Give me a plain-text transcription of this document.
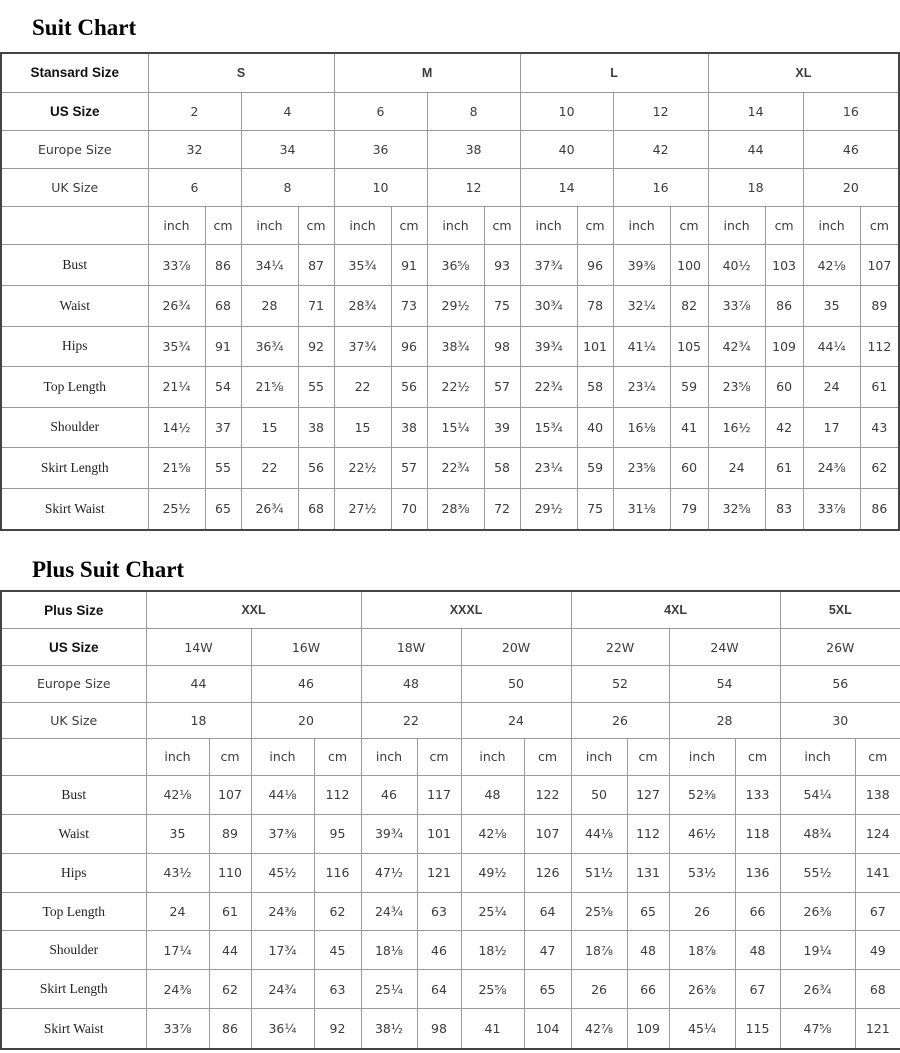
Suit Chart
Stansard Size	S				M				L				XL			
US Size	2		4		6		8		10		12		14		16	
Europe Size	32		34		36		38		40		42		44		46	
UK Size	6		8		10		12		14		16		18		20	
	inch	cm	inch	cm	inch	cm	inch	cm	inch	cm	inch	cm	inch	cm	inch	cm
Bust	33⅞	86	34¼	87	35¾	91	36⅝	93	37¾	96	39⅜	100	40½	103	42⅛	107
Waist	26¾	68	28	71	28¾	73	29½	75	30¾	78	32¼	82	33⅞	86	35	89
Hips	35¾	91	36¾	92	37¾	96	38¾	98	39¾	101	41¼	105	42¾	109	44¼	112
Top Length	21¼	54	21⅝	55	22	56	22½	57	22¾	58	23¼	59	23⅝	60	24	61
Shoulder	14½	37	15	38	15	38	15¼	39	15¾	40	16⅛	41	16½	42	17	43
Skirt Length	21⅝	55	22	56	22½	57	22¾	58	23¼	59	23⅝	60	24	61	24⅜	62
Skirt Waist	25½	65	26¾	68	27½	70	28⅜	72	29½	75	31⅛	79	32⅝	83	33⅞	86
Plus Suit Chart
Plus Size	XXL				XXXL				4XL				5XL	
US Size	14W		16W		18W		20W		22W		24W		26W	
Europe Size	44		46		48		50		52		54		56	
UK Size	18		20		22		24		26		28		30	
	inch	cm	inch	cm	inch	cm	inch	cm	inch	cm	inch	cm	inch	cm
Bust	42⅛	107	44⅛	112	46	117	48	122	50	127	52⅜	133	54¼	138
Waist	35	89	37⅜	95	39¾	101	42⅛	107	44⅛	112	46½	118	48¾	124
Hips	43½	110	45½	116	47½	121	49½	126	51½	131	53½	136	55½	141
Top Length	24	61	24⅜	62	24¾	63	25¼	64	25⅝	65	26	66	26⅜	67
Shoulder	17¼	44	17¾	45	18⅛	46	18½	47	18⅞	48	18⅞	48	19¼	49
Skirt Length	24⅜	62	24¾	63	25¼	64	25⅝	65	26	66	26⅜	67	26¾	68
Skirt Waist	33⅞	86	36¼	92	38½	98	41	104	42⅞	109	45¼	115	47⅝	121
